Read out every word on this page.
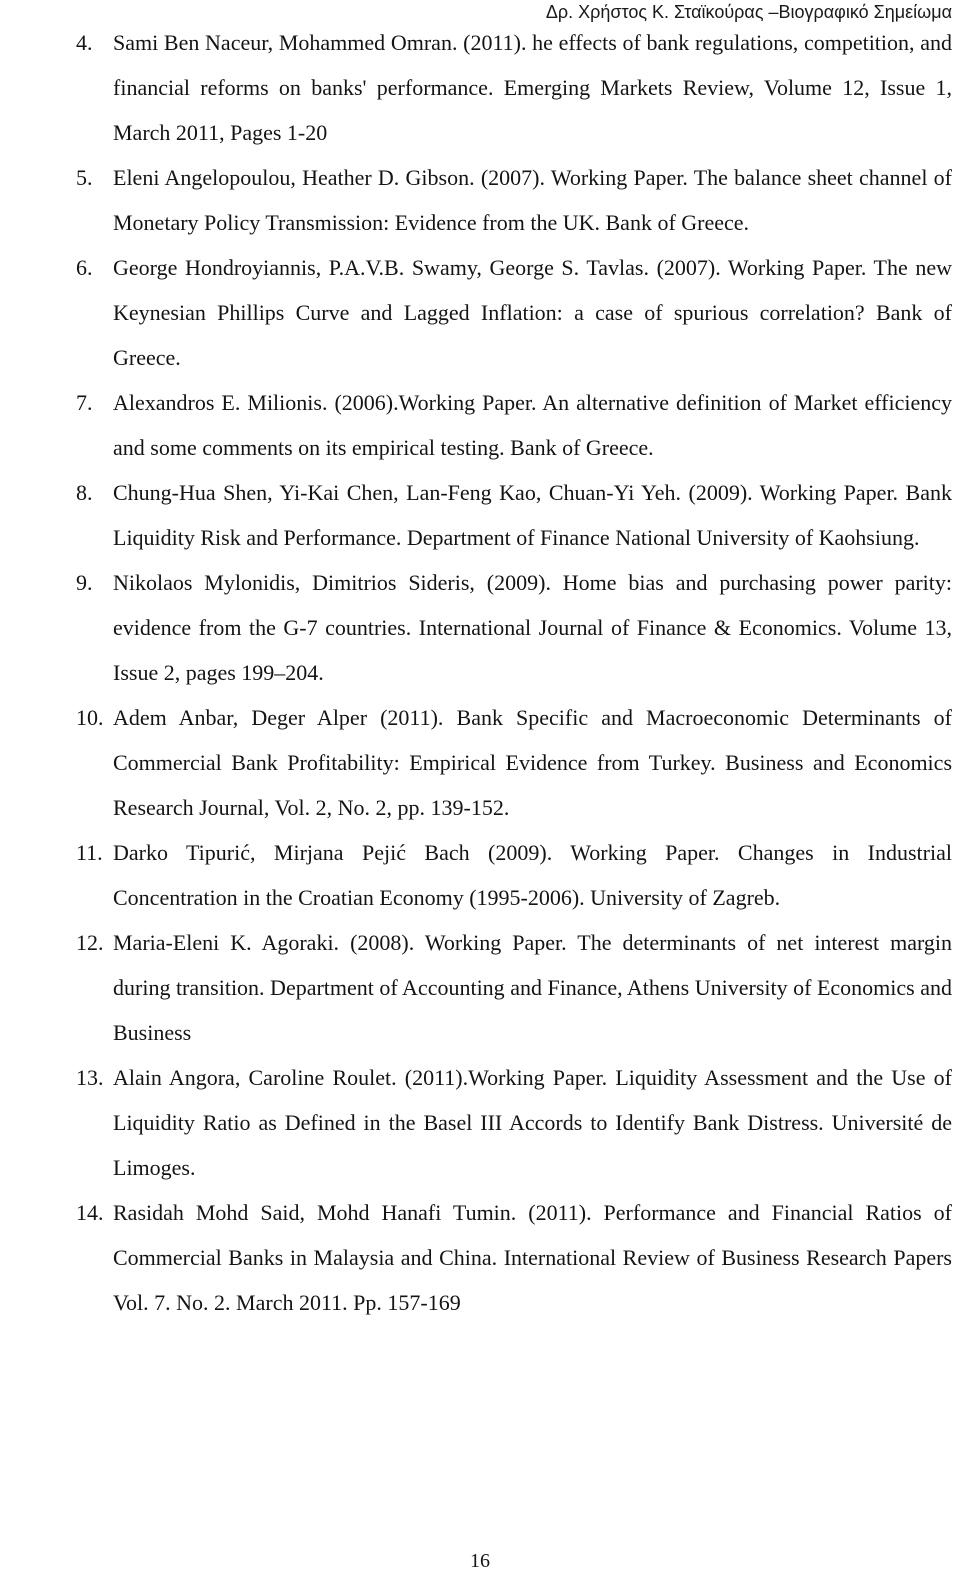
Δρ. Χρήστος Κ. Σταϊκούρας –Βιογραφικό Σημείωμα
4. Sami Ben Naceur, Mohammed Omran. (2011). he effects of bank regulations, competition, and financial reforms on banks' performance. Emerging Markets Review, Volume 12, Issue 1, March 2011, Pages 1-20
5. Eleni Angelopoulou, Heather D. Gibson. (2007). Working Paper. The balance sheet channel of Monetary Policy Transmission: Evidence from the UK. Bank of Greece.
6. George Hondroyiannis, P.A.V.B. Swamy, George S. Tavlas. (2007). Working Paper. The new Keynesian Phillips Curve and Lagged Inflation: a case of spurious correlation? Bank of Greece.
7. Alexandros E. Milionis. (2006).Working Paper. An alternative definition of Market efficiency and some comments on its empirical testing. Bank of Greece.
8. Chung-Hua Shen, Yi-Kai Chen, Lan-Feng Kao, Chuan-Yi Yeh. (2009). Working Paper. Bank Liquidity Risk and Performance. Department of Finance National University of Kaohsiung.
9. Nikolaos Mylonidis, Dimitrios Sideris, (2009). Home bias and purchasing power parity: evidence from the G-7 countries. International Journal of Finance & Economics. Volume 13, Issue 2, pages 199–204.
10. Adem Anbar, Deger Alper (2011). Bank Specific and Macroeconomic Determinants of Commercial Bank Profitability: Empirical Evidence from Turkey. Business and Economics Research Journal, Vol. 2, No. 2, pp. 139-152.
11. Darko Tipurić, Mirjana Pejić Bach (2009). Working Paper. Changes in Industrial Concentration in the Croatian Economy (1995-2006). University of Zagreb.
12. Maria-Eleni K. Agoraki. (2008). Working Paper. The determinants of net interest margin during transition. Department of Accounting and Finance, Athens University of Economics and Business
13. Alain Angora, Caroline Roulet. (2011).Working Paper. Liquidity Assessment and the Use of Liquidity Ratio as Defined in the Basel III Accords to Identify Bank Distress. Université de Limoges.
14. Rasidah Mohd Said, Mohd Hanafi Tumin. (2011). Performance and Financial Ratios of Commercial Banks in Malaysia and China. International Review of Business Research Papers Vol. 7. No. 2. March 2011. Pp. 157-169
16
